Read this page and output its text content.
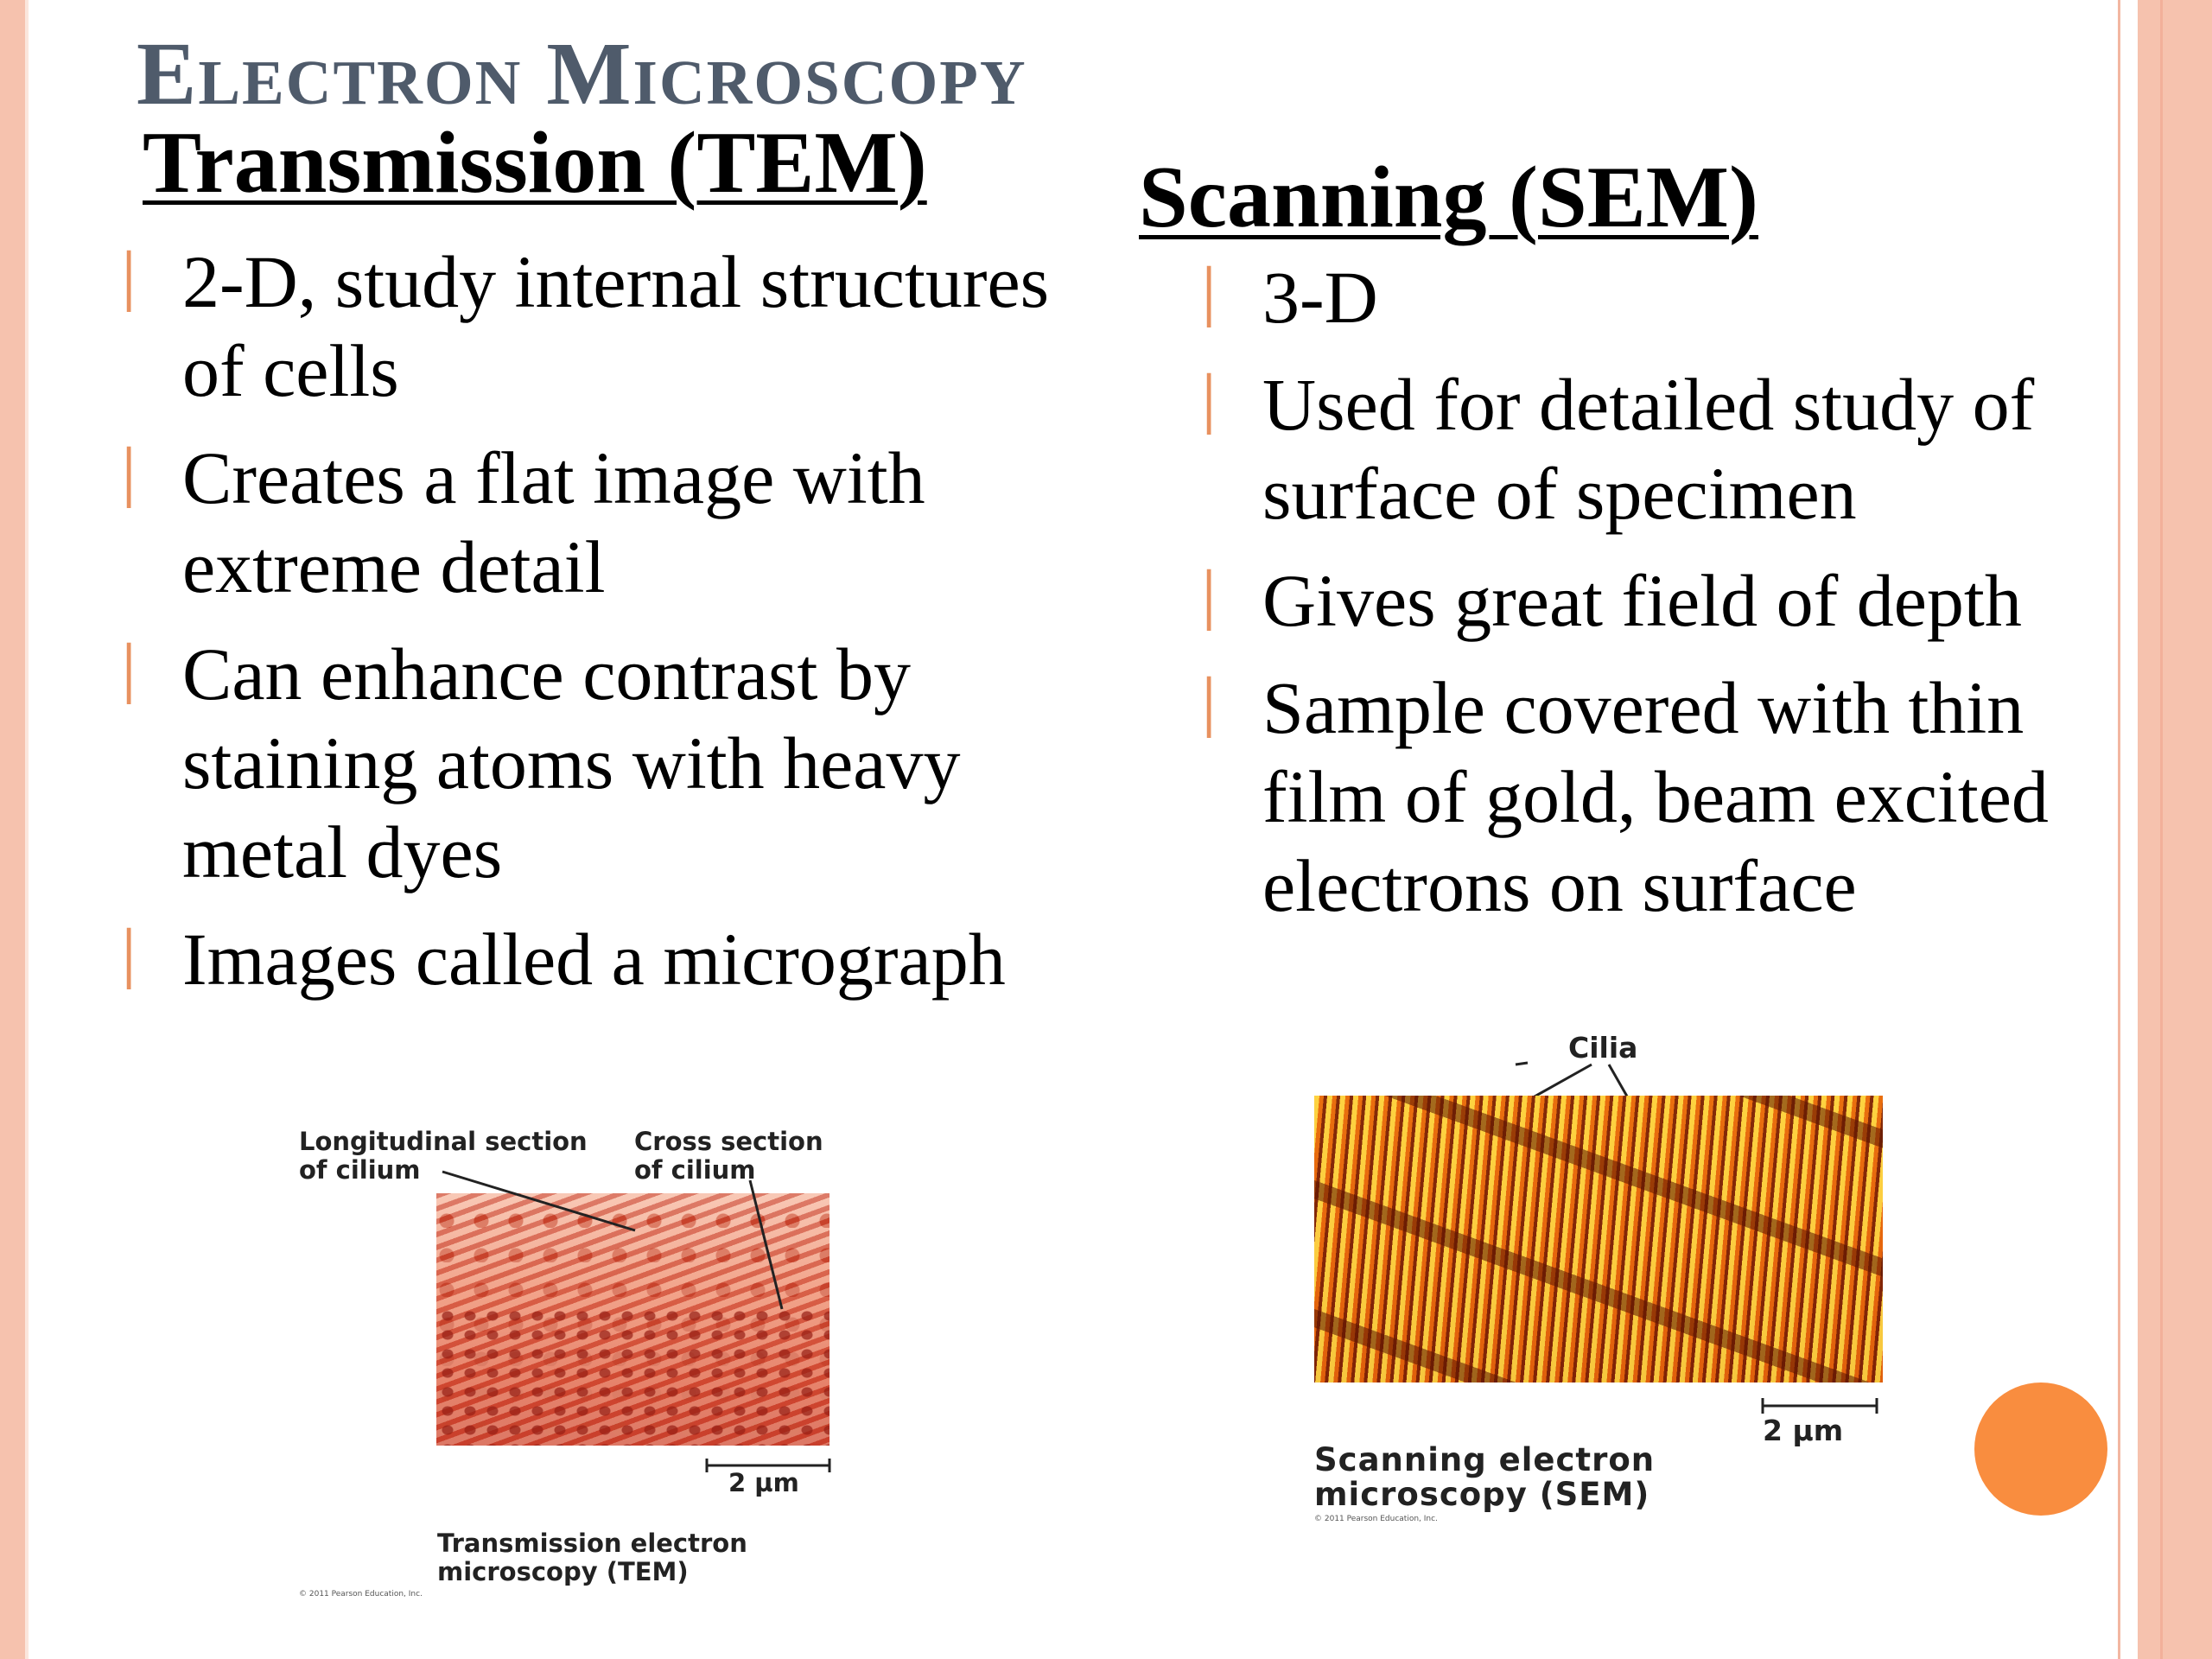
Electron Microscopy
Transmission (TEM) Scanning (SEM)
│ 2-D, study internal structures of cells
│ Creates a flat image with extreme detail
│ Can enhance contrast by staining atoms with heavy metal dyes
│ Images called a micrograph
│ 3-D
│ Used for detailed study of surface of specimen
│ Gives great field of depth
│ Sample covered with thin film of gold, beam excited electrons on surface

Longitudinal section
of cilium

Cross section
of cilium

2 µm

Transmission electron
microscopy (TEM)

© 2011 Pearson Education, Inc.

Cilia

2 µm

Scanning electron
microscopy (SEM)

© 2011 Pearson Education, Inc.
